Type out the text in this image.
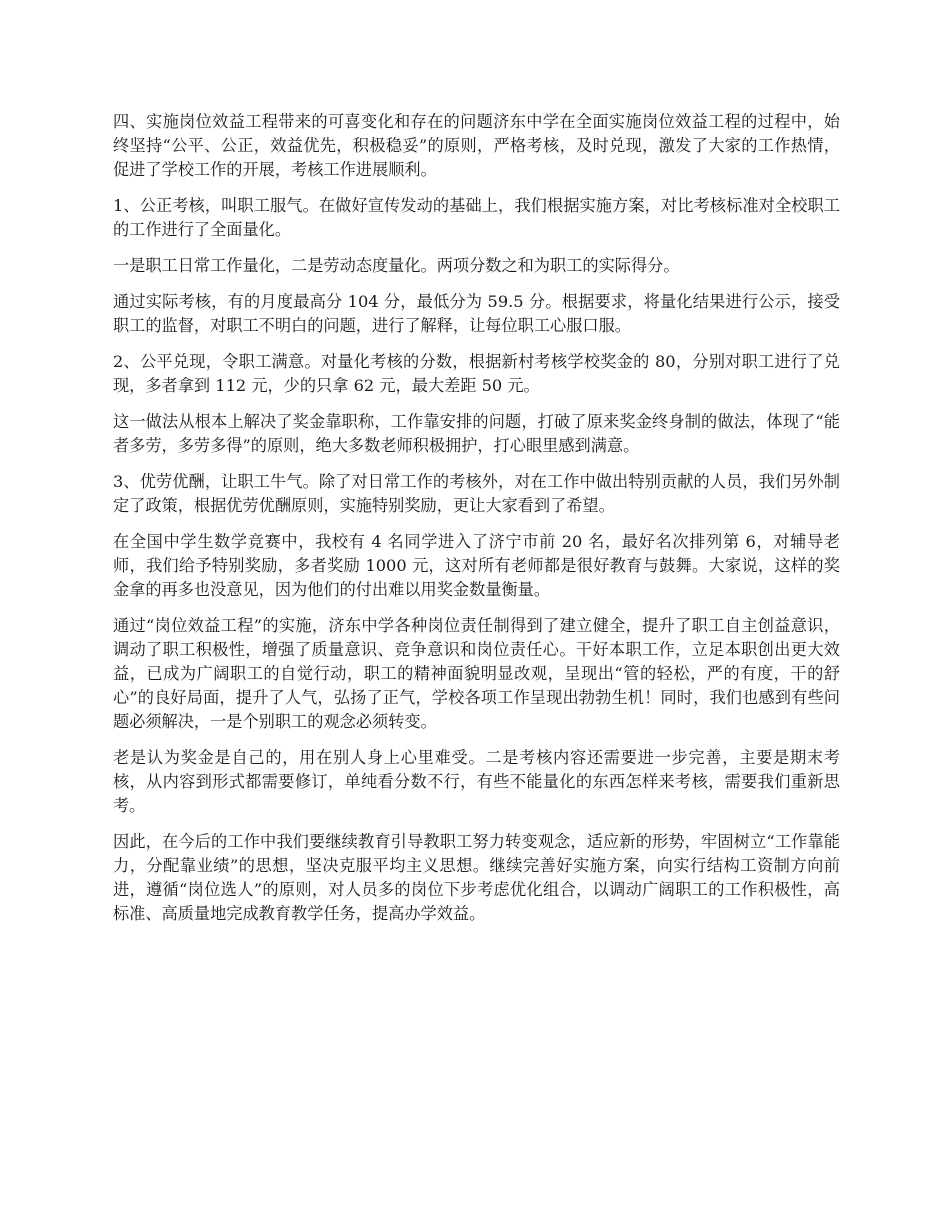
四、实施岗位效益工程带来的可喜变化和存在的问题济东中学在全面实施岗位效益工程的过程中，始终坚持“公平、公正，效益优先，积极稳妥”的原则，严格考核，及时兑现，激发了大家的工作热情，促进了学校工作的开展，考核工作进展顺利。

1、公正考核，叫职工服气。在做好宣传发动的基础上，我们根据实施方案，对比考核标准对全校职工的工作进行了全面量化。

一是职工日常工作量化，二是劳动态度量化。两项分数之和为职工的实际得分。

通过实际考核，有的月度最高分 104 分，最低分为 59.5 分。根据要求，将量化结果进行公示，接受职工的监督，对职工不明白的问题，进行了解释，让每位职工心服口服。

2、公平兑现，令职工满意。对量化考核的分数，根据新村考核学校奖金的 80，分别对职工进行了兑现，多者拿到 112 元，少的只拿 62 元，最大差距 50 元。

这一做法从根本上解决了奖金靠职称，工作靠安排的问题，打破了原来奖金终身制的做法，体现了“能者多劳，多劳多得”的原则，绝大多数老师积极拥护，打心眼里感到满意。

3、优劳优酬，让职工牛气。除了对日常工作的考核外，对在工作中做出特别贡献的人员，我们另外制定了政策，根据优劳优酬原则，实施特别奖励，更让大家看到了希望。

在全国中学生数学竞赛中，我校有 4 名同学进入了济宁市前 20 名，最好名次排列第 6，对辅导老师，我们给予特别奖励，多者奖励 1000 元，这对所有老师都是很好教育与鼓舞。大家说，这样的奖金拿的再多也没意见，因为他们的付出难以用奖金数量衡量。

通过“岗位效益工程”的实施，济东中学各种岗位责任制得到了建立健全，提升了职工自主创益意识，调动了职工积极性，增强了质量意识、竞争意识和岗位责任心。干好本职工作，立足本职创出更大效益，已成为广阔职工的自觉行动，职工的精神面貌明显改观，呈现出“管的轻松，严的有度，干的舒心”的良好局面，提升了人气，弘扬了正气，学校各项工作呈现出勃勃生机！同时，我们也感到有些问题必须解决，一是个别职工的观念必须转变。

老是认为奖金是自己的，用在别人身上心里难受。二是考核内容还需要进一步完善，主要是期末考核，从内容到形式都需要修订，单纯看分数不行，有些不能量化的东西怎样来考核，需要我们重新思考。

因此，在今后的工作中我们要继续教育引导教职工努力转变观念，适应新的形势，牢固树立“工作靠能力，分配靠业绩”的思想，坚决克服平均主义思想。继续完善好实施方案，向实行结构工资制方向前进，遵循“岗位选人”的原则，对人员多的岗位下步考虑优化组合，以调动广阔职工的工作积极性，高标准、高质量地完成教育教学任务，提高办学效益。
